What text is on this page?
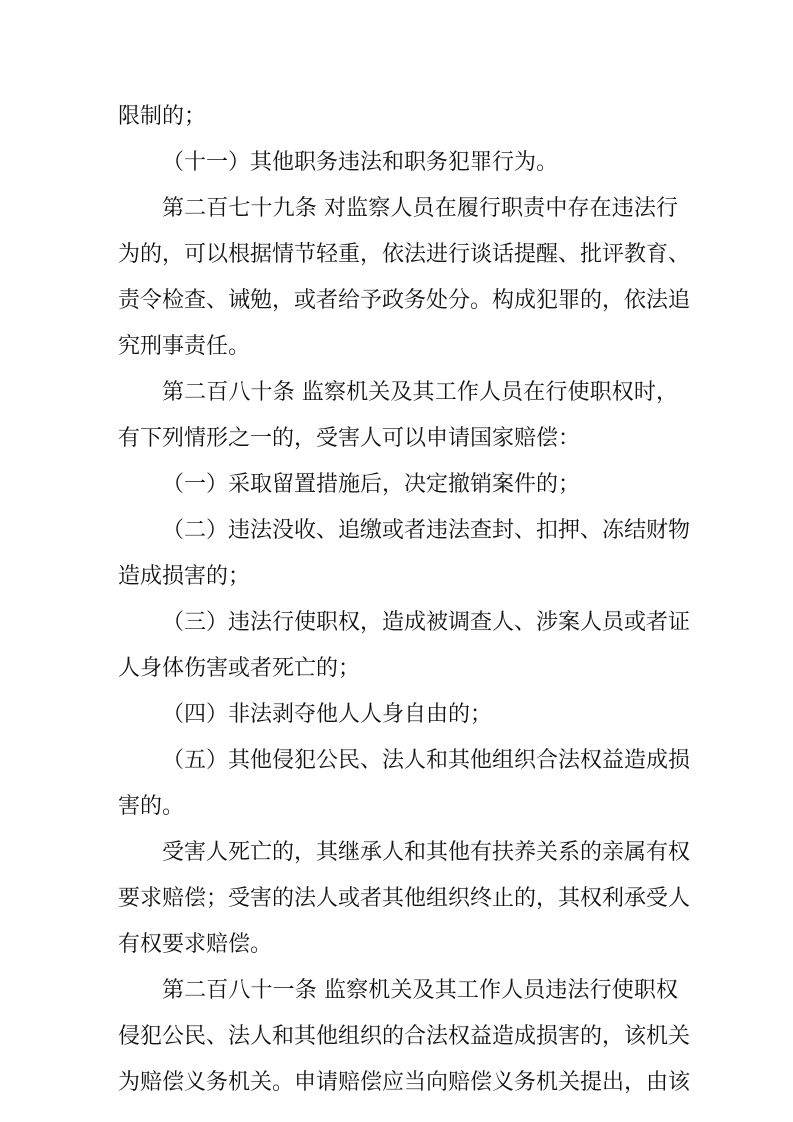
限制的；
（十一）其他职务违法和职务犯罪行为。
第二百七十九条 对监察人员在履行职责中存在违法行
为的，可以根据情节轻重，依法进行谈话提醒、批评教育、
责令检查、诫勉，或者给予政务处分。构成犯罪的，依法追
究刑事责任。
第二百八十条 监察机关及其工作人员在行使职权时，
有下列情形之一的，受害人可以申请国家赔偿：
（一）采取留置措施后，决定撤销案件的；
（二）违法没收、追缴或者违法查封、扣押、冻结财物
造成损害的；
（三）违法行使职权，造成被调查人、涉案人员或者证
人身体伤害或者死亡的；
（四）非法剥夺他人人身自由的；
（五）其他侵犯公民、法人和其他组织合法权益造成损
害的。
受害人死亡的，其继承人和其他有扶养关系的亲属有权
要求赔偿；受害的法人或者其他组织终止的，其权利承受人
有权要求赔偿。
第二百八十一条 监察机关及其工作人员违法行使职权
侵犯公民、法人和其他组织的合法权益造成损害的，该机关
为赔偿义务机关。申请赔偿应当向赔偿义务机关提出，由该
